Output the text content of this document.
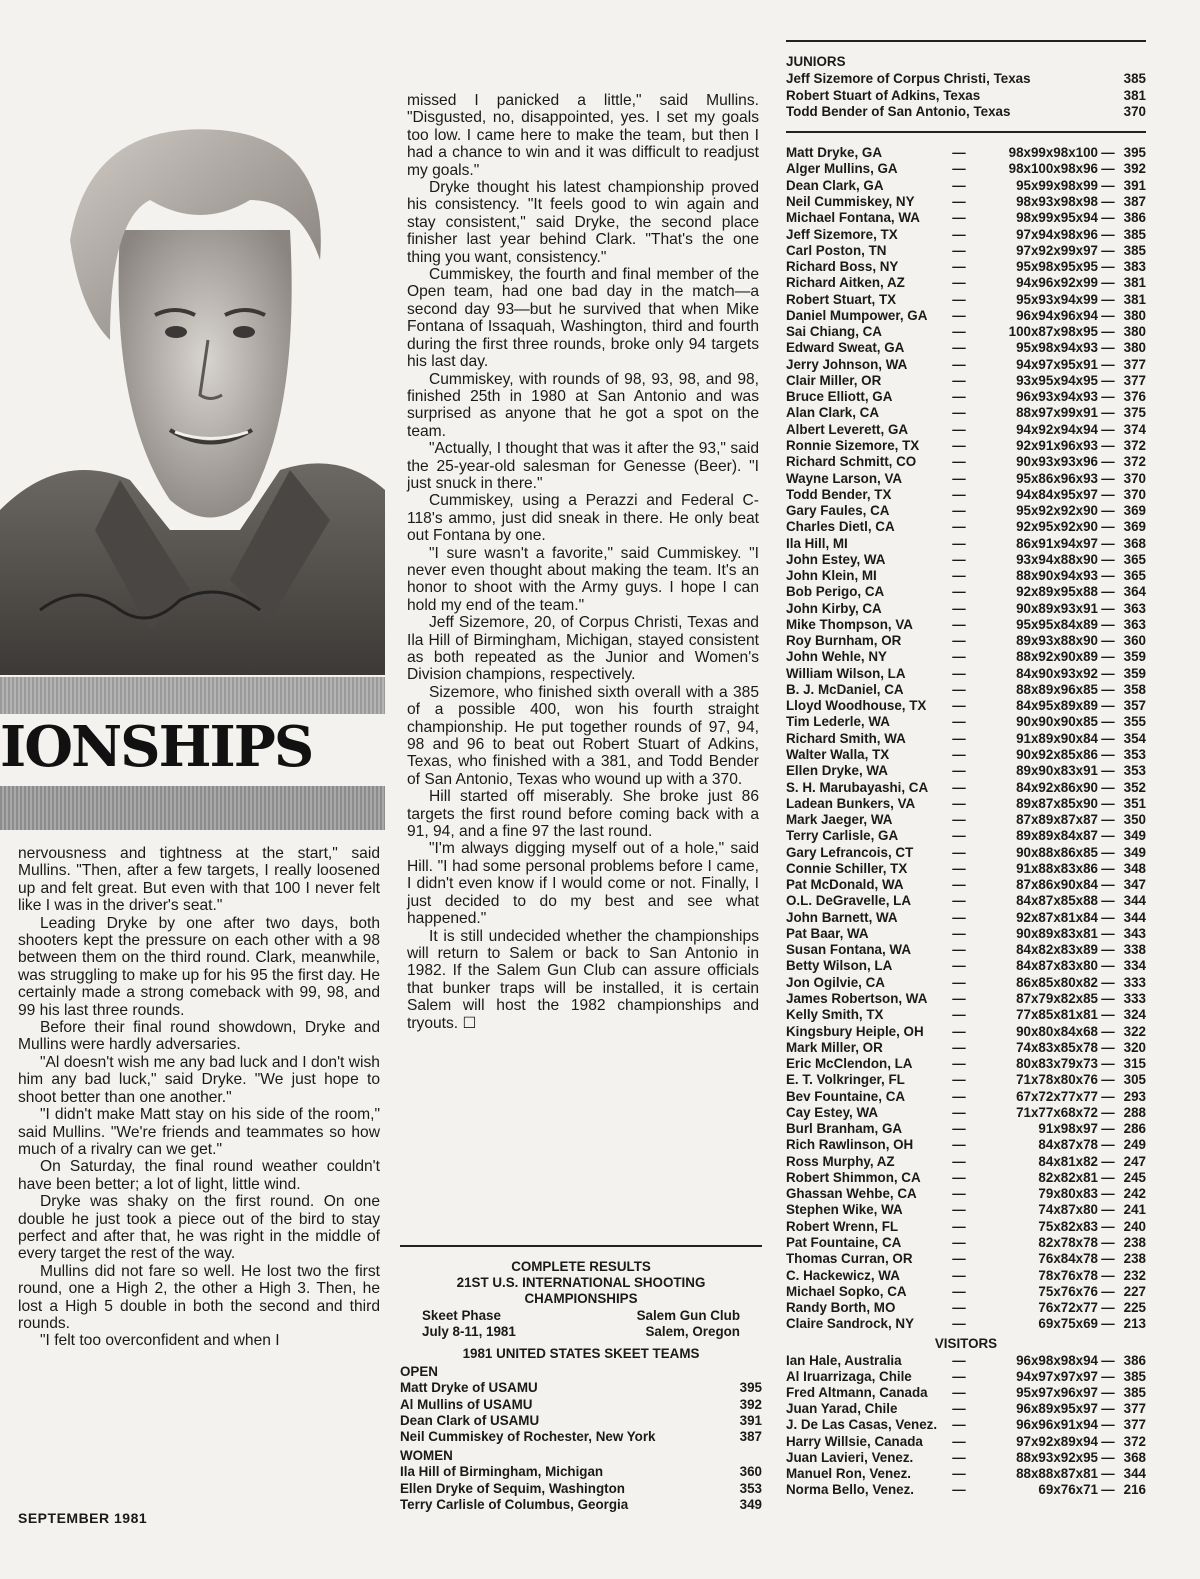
IONSHIPS

nervousness and tightness at the start," said Mullins. "Then, after a few targets, I really loosened up and felt great. But even with that 100 I never felt like I was in the driver's seat."

Leading Dryke by one after two days, both shooters kept the pressure on each other with a 98 between them on the third round. Clark, meanwhile, was struggling to make up for his 95 the first day. He certainly made a strong comeback with 99, 98, and 99 his last three rounds.

Before their final round showdown, Dryke and Mullins were hardly adversaries.

"Al doesn't wish me any bad luck and I don't wish him any bad luck," said Dryke. "We just hope to shoot better than one another."

"I didn't make Matt stay on his side of the room," said Mullins. "We're friends and teammates so how much of a rivalry can we get."

On Saturday, the final round weather couldn't have been better; a lot of light, little wind.

Dryke was shaky on the first round. On one double he just took a piece out of the bird to stay perfect and after that, he was right in the middle of every target the rest of the way.

Mullins did not fare so well. He lost two the first round, one a High 2, the other a High 3. Then, he lost a High 5 double in both the second and third rounds.

"I felt too overconfident and when I

missed I panicked a little," said Mullins. "Disgusted, no, disappointed, yes. I set my goals too low. I came here to make the team, but then I had a chance to win and it was difficult to readjust my goals."

Dryke thought his latest championship proved his consistency. "It feels good to win again and stay consistent," said Dryke, the second place finisher last year behind Clark. "That's the one thing you want, consistency."

Cummiskey, the fourth and final member of the Open team, had one bad day in the match—a second day 93—but he survived that when Mike Fontana of Issaquah, Washington, third and fourth during the first three rounds, broke only 94 targets his last day.

Cummiskey, with rounds of 98, 93, 98, and 98, finished 25th in 1980 at San Antonio and was surprised as anyone that he got a spot on the team.

"Actually, I thought that was it after the 93," said the 25-year-old salesman for Genesse (Beer). "I just snuck in there."

Cummiskey, using a Perazzi and Federal C-118's ammo, just did sneak in there. He only beat out Fontana by one.

"I sure wasn't a favorite," said Cummiskey. "I never even thought about making the team. It's an honor to shoot with the Army guys. I hope I can hold my end of the team."

Jeff Sizemore, 20, of Corpus Christi, Texas and Ila Hill of Birmingham, Michigan, stayed consistent as both repeated as the Junior and Women's Division champions, respectively.

Sizemore, who finished sixth overall with a 385 of a possible 400, won his fourth straight championship. He put together rounds of 97, 94, 98 and 96 to beat out Robert Stuart of Adkins, Texas, who finished with a 381, and Todd Bender of San Antonio, Texas who wound up with a 370.

Hill started off miserably. She broke just 86 targets the first round before coming back with a 91, 94, and a fine 97 the last round.

"I'm always digging myself out of a hole," said Hill. "I had some personal problems before I came, I didn't even know if I would come or not. Finally, I just decided to do my best and see what happened."

It is still undecided whether the championships will return to Salem or back to San Antonio in 1982. If the Salem Gun Club can assure officials that bunker traps will be installed, it is certain Salem will host the 1982 championships and tryouts. ☐

COMPLETE RESULTS
21ST U.S. INTERNATIONAL SHOOTING
CHAMPIONSHIPS
Skeet Phase	Salem Gun Club
July 8-11, 1981	Salem, Oregon
1981 UNITED STATES SKEET TEAMS
OPEN
Matt Dryke of USAMU	395
Al Mullins of USAMU	392
Dean Clark of USAMU	391
Neil Cummiskey of Rochester, New York	387
WOMEN
Ila Hill of Birmingham, Michigan	360
Ellen Dryke of Sequim, Washington	353
Terry Carlisle of Columbus, Georgia	349
JUNIORS
Jeff Sizemore of Corpus Christi, Texas	385
Robert Stuart of Adkins, Texas	381
Todd Bender of San Antonio, Texas	370
Matt Dryke, GA	—	98x99x98x100 — 395
Alger Mullins, GA	—	98x100x98x96 — 392
Dean Clark, GA	—	95x99x98x99 — 391
Neil Cummiskey, NY	—	98x93x98x98 — 387
Michael Fontana, WA	—	98x99x95x94 — 386
Jeff Sizemore, TX	—	97x94x98x96 — 385
Carl Poston, TN	—	97x92x99x97 — 385
Richard Boss, NY	—	95x98x95x95 — 383
Richard Aitken, AZ	—	94x96x92x99 — 381
Robert Stuart, TX	—	95x93x94x99 — 381
Daniel Mumpower, GA	—	96x94x96x94 — 380
Sai Chiang, CA	—	100x87x98x95 — 380
Edward Sweat, GA	—	95x98x94x93 — 380
Jerry Johnson, WA	—	94x97x95x91 — 377
Clair Miller, OR	—	93x95x94x95 — 377
Bruce Elliott, GA	—	96x93x94x93 — 376
Alan Clark, CA	—	88x97x99x91 — 375
Albert Leverett, GA	—	94x92x94x94 — 374
Ronnie Sizemore, TX	—	92x91x96x93 — 372
Richard Schmitt, CO	—	90x93x93x96 — 372
Wayne Larson, VA	—	95x86x96x93 — 370
Todd Bender, TX	—	94x84x95x97 — 370
Gary Faules, CA	—	95x92x92x90 — 369
Charles Dietl, CA	—	92x95x92x90 — 369
Ila Hill, MI	—	86x91x94x97 — 368
John Estey, WA	—	93x94x88x90 — 365
John Klein, MI	—	88x90x94x93 — 365
Bob Perigo, CA	—	92x89x95x88 — 364
John Kirby, CA	—	90x89x93x91 — 363
Mike Thompson, VA	—	95x95x84x89 — 363
Roy Burnham, OR	—	89x93x88x90 — 360
John Wehle, NY	—	88x92x90x89 — 359
William Wilson, LA	—	84x90x93x92 — 359
B. J. McDaniel, CA	—	88x89x96x85 — 358
Lloyd Woodhouse, TX	—	84x95x89x89 — 357
Tim Lederle, WA	—	90x90x90x85 — 355
Richard Smith, WA	—	91x89x90x84 — 354
Walter Walla, TX	—	90x92x85x86 — 353
Ellen Dryke, WA	—	89x90x83x91 — 353
S. H. Marubayashi, CA	—	84x92x86x90 — 352
Ladean Bunkers, VA	—	89x87x85x90 — 351
Mark Jaeger, WA	—	87x89x87x87 — 350
Terry Carlisle, GA	—	89x89x84x87 — 349
Gary Lefrancois, CT	—	90x88x86x85 — 349
Connie Schiller, TX	—	91x88x83x86 — 348
Pat McDonald, WA	—	87x86x90x84 — 347
O.L. DeGravelle, LA	—	84x87x85x88 — 344
John Barnett, WA	—	92x87x81x84 — 344
Pat Baar, WA	—	90x89x83x81 — 343
Susan Fontana, WA	—	84x82x83x89 — 338
Betty Wilson, LA	—	84x87x83x80 — 334
Jon Ogilvie, CA	—	86x85x80x82 — 333
James Robertson, WA	—	87x79x82x85 — 333
Kelly Smith, TX	—	77x85x81x81 — 324
Kingsbury Heiple, OH	—	90x80x84x68 — 322
Mark Miller, OR	—	74x83x85x78 — 320
Eric McClendon, LA	—	80x83x79x73 — 315
E. T. Volkringer, FL	—	71x78x80x76 — 305
Bev Fountaine, CA	—	67x72x77x77 — 293
Cay Estey, WA	—	71x77x68x72 — 288
Burl Branham, GA	—	91x98x97 — 286
Rich Rawlinson, OH	—	84x87x78 — 249
Ross Murphy, AZ	—	84x81x82 — 247
Robert Shimmon, CA	—	82x82x81 — 245
Ghassan Wehbe, CA	—	79x80x83 — 242
Stephen Wike, WA	—	74x87x80 — 241
Robert Wrenn, FL	—	75x82x83 — 240
Pat Fountaine, CA	—	82x78x78 — 238
Thomas Curran, OR	—	76x84x78 — 238
C. Hackewicz, WA	—	78x76x78 — 232
Michael Sopko, CA	—	75x76x76 — 227
Randy Borth, MO	—	76x72x77 — 225
Claire Sandrock, NY	—	69x75x69 — 213
VISITORS
Ian Hale, Australia	—	96x98x98x94 — 386
Al Iruarrizaga, Chile	—	94x97x97x97 — 385
Fred Altmann, Canada	—	95x97x96x97 — 385
Juan Yarad, Chile	—	96x89x95x97 — 377
J. De Las Casas, Venez.	—	96x96x91x94 — 377
Harry Willsie, Canada	—	97x92x89x94 — 372
Juan Lavieri, Venez.	—	88x93x92x95 — 368
Manuel Ron, Venez.	—	88x88x87x81 — 344
Norma Bello, Venez.	—	69x76x71 — 216
SEPTEMBER 1981
